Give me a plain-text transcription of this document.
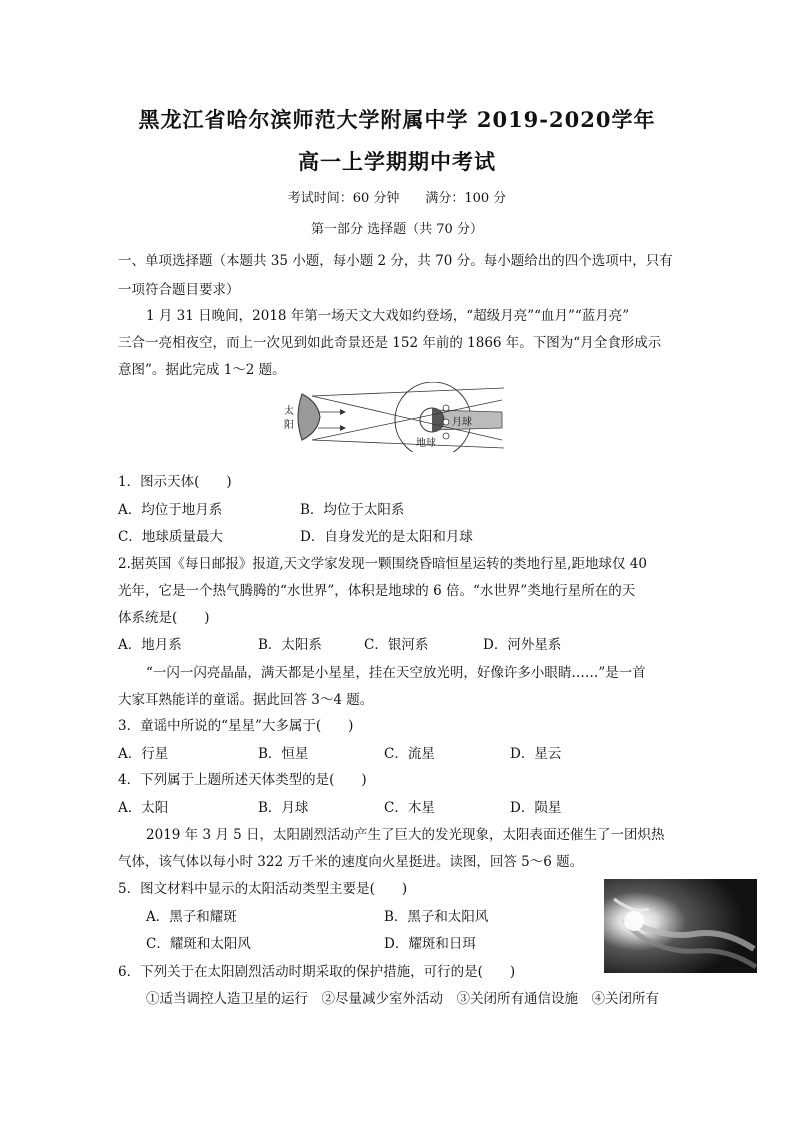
黑龙江省哈尔滨师范大学附属中学 2019-2020学年
高一上学期期中考试
考试时间：60 分钟　　满分：100 分
第一部分 选择题（共 70 分）
一、单项选择题（本题共 35 小题，每小题 2 分，共 70 分。每小题给出的四个选项中，只有
一项符合题目要求）
1 月 31 日晚间，2018 年第一场天文大戏如约登场，“超级月亮”“血月”“蓝月亮”
三合一亮相夜空，而上一次见到如此奇景还是 152 年前的 1866 年。下图为“月全食形成示
意图”。据此完成 1～2 题。
太
阳	月球
地球
1．图示天体(　　)
A．均位于地月系	B．均位于太阳系
C．地球质量最大	D．自身发光的是太阳和月球
2.据英国《每日邮报》报道,天文学家发现一颗围绕昏暗恒星运转的类地行星,距地球仅 40
光年，它是一个热气腾腾的“水世界”，体积是地球的 6 倍。“水世界”类地行星所在的天
体系统是(　　)
A．地月系	B．太阳系	C．银河系	D．河外星系
“一闪一闪亮晶晶，满天都是小星星，挂在天空放光明，好像许多小眼睛……”是一首
大家耳熟能详的童谣。据此回答 3～4 题。
3．童谣中所说的“星星”大多属于(　　)
A．行星	B．恒星	C．流星	D．星云
4．下列属于上题所述天体类型的是(　　)
A．太阳	B．月球	C．木星	D．陨星
2019 年 3 月 5 日，太阳剧烈活动产生了巨大的发光现象，太阳表面还催生了一团炽热
气体，该气体以每小时 322 万千米的速度向火星挺进。读图，回答 5～6 题。
5．图文材料中显示的太阳活动类型主要是(　　)
A．黑子和耀斑	B．黑子和太阳风
C．耀斑和太阳风	D．耀斑和日珥
6．下列关于在太阳剧烈活动时期采取的保护措施，可行的是(　　)
①适当调控人造卫星的运行　②尽量减少室外活动　③关闭所有通信设施　④关闭所有
